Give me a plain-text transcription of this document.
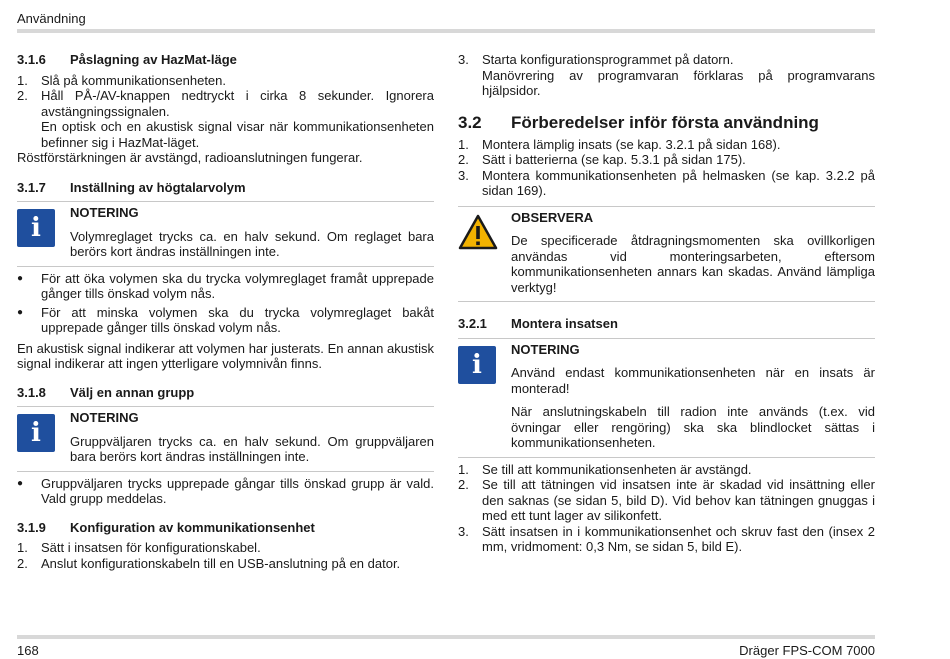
Användning
3.1.6	Påslagning av HazMat-läge
1.	Slå på kommunikationsenheten.
2.	Håll PÅ-/AV-knappen nedtryckt i cirka 8 sekunder. Ignorera avstängningssignalen.
En optisk och en akustisk signal visar när kommunikationsenheten befinner sig i HazMat-läget.
Röstförstärkningen är avstängd, radioanslutningen fungerar.
3.1.7	Inställning av högtalarvolym
i
NOTERING

Volymreglaget trycks ca. en halv sekund. Om reglaget bara berörs kort ändras inställningen inte.

●	För att öka volymen ska du trycka volymreglaget framåt upprepade gånger tills önskad volym nås.
●	För att minska volymen ska du trycka volymreglaget bakåt upprepade gånger tills önskad volym nås.
En akustisk signal indikerar att volymen har justerats. En annan akustisk signal indikerar att ingen ytterligare volymnivån finns.
3.1.8	Välj en annan grupp
i
NOTERING

Gruppväljaren trycks ca. en halv sekund. Om gruppväljaren bara berörs kort ändras inställningen inte.

●	Gruppväljaren trycks upprepade gångar tills önskad grupp är vald. Vald grupp meddelas.
3.1.9	Konfiguration av kommunikationsenhet
1.	Sätt i insatsen för konfigurationskabel.
2.	Anslut konfigurationskabeln till en USB-anslutning på en dator.
3.	Starta konfigurationsprogrammet på datorn.
Manövrering av programvaran förklaras på programvarans hjälpsidor.
3.2	Förberedelser inför första användning
1.	Montera lämplig insats (se kap. 3.2.1 på sidan 168).
2.	Sätt i batterierna (se kap. 5.3.1 på sidan 175).
3.	Montera kommunikationsenheten på helmasken (se kap. 3.2.2 på sidan 169).
OBSERVERA

De specificerade åtdragningsmomenten ska ovillkorligen användas vid monteringsarbeten, eftersom kommunikationsenheten annars kan skadas. Använd lämpliga verktyg!

3.2.1	Montera insatsen
i
NOTERING

Använd endast kommunikationsenheten när en insats är monterad!

När anslutningskabeln till radion inte används (t.ex. vid övningar eller rengöring) ska ska blindlocket sättas i kommunikationsenheten.

1.	Se till att kommunikationsenheten är avstängd.
2.	Se till att tätningen vid insatsen inte är skadad vid insättning eller den saknas (se sidan 5, bild D). Vid behov kan tätningen gnuggas i med ett tunt lager av silikonfett.
3.	Sätt insatsen in i kommunikationsenhet och skruv fast den (insex 2 mm, vridmoment: 0,3 Nm, se sidan 5, bild E).
168	Dräger FPS-COM 7000
